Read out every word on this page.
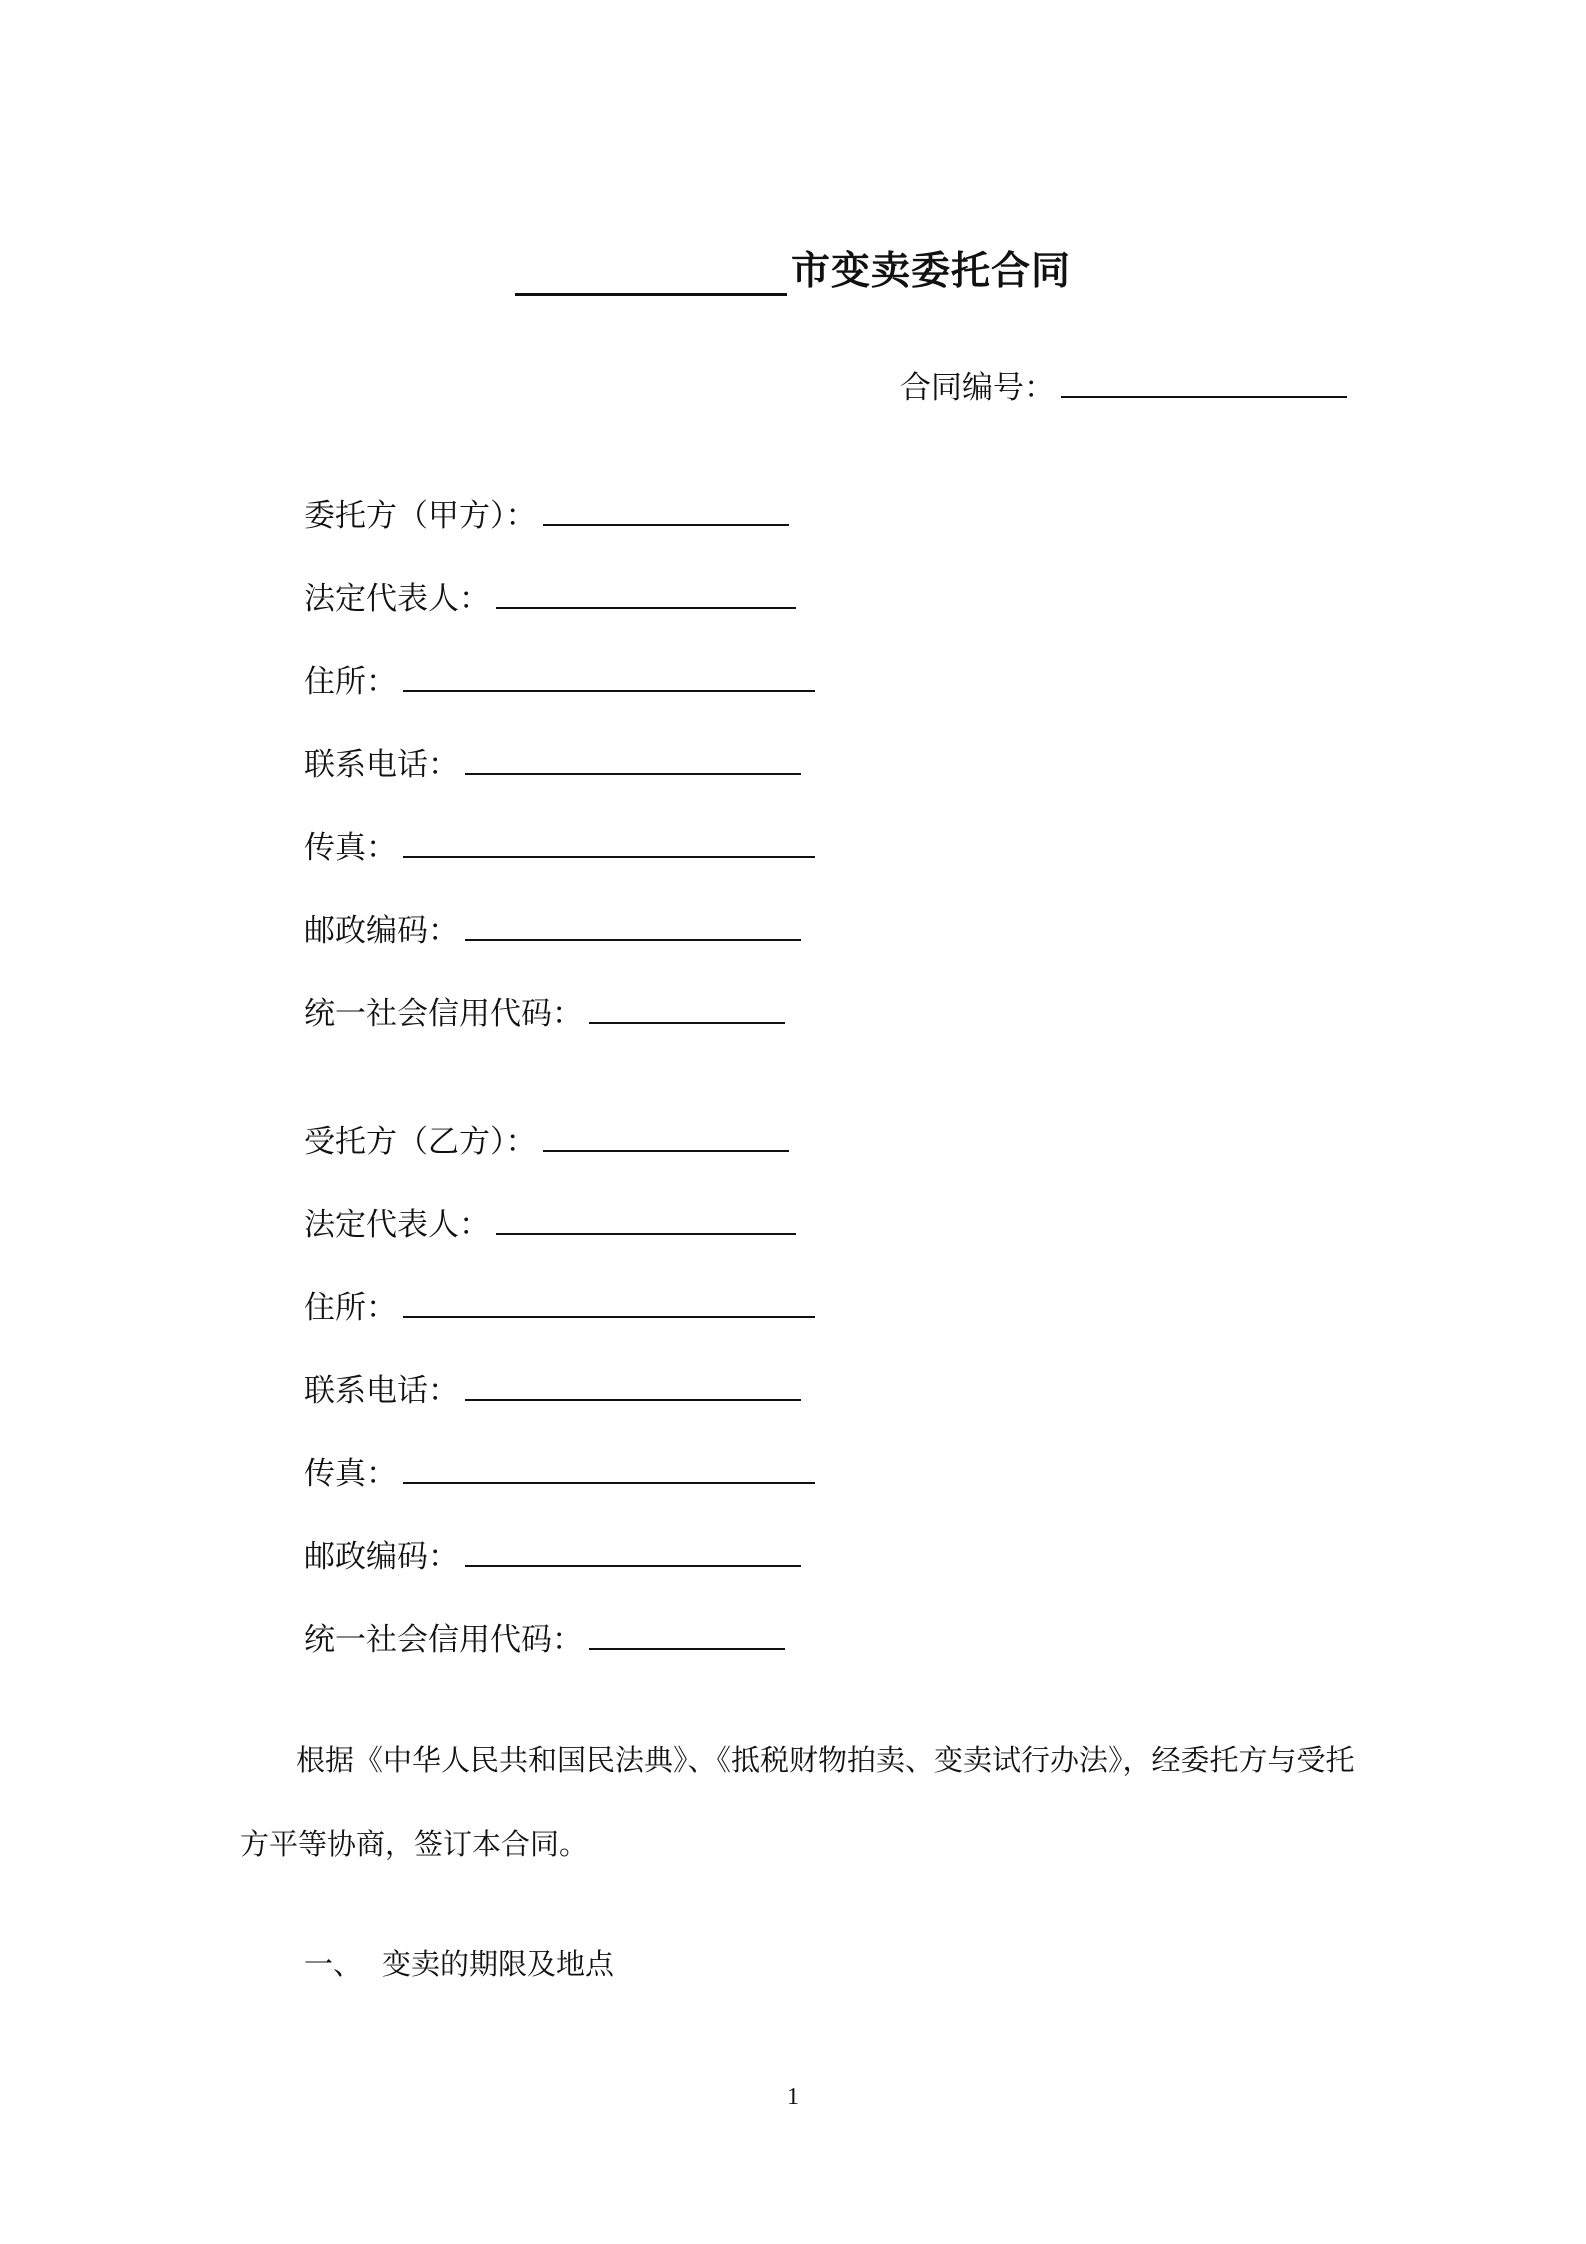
市变卖委托合同
合同编号：
委托方（甲方）：
法定代表人：
住所：
联系电话：
传真：
邮政编码：
统一社会信用代码：
受托方（乙方）：
法定代表人：
住所：
联系电话：
传真：
邮政编码：
统一社会信用代码：
根据《中华人民共和国民法典》、《抵税财物拍卖、变卖试行办法》，经委托方与受托
方平等协商，签订本合同。
一、 变卖的期限及地点
1
